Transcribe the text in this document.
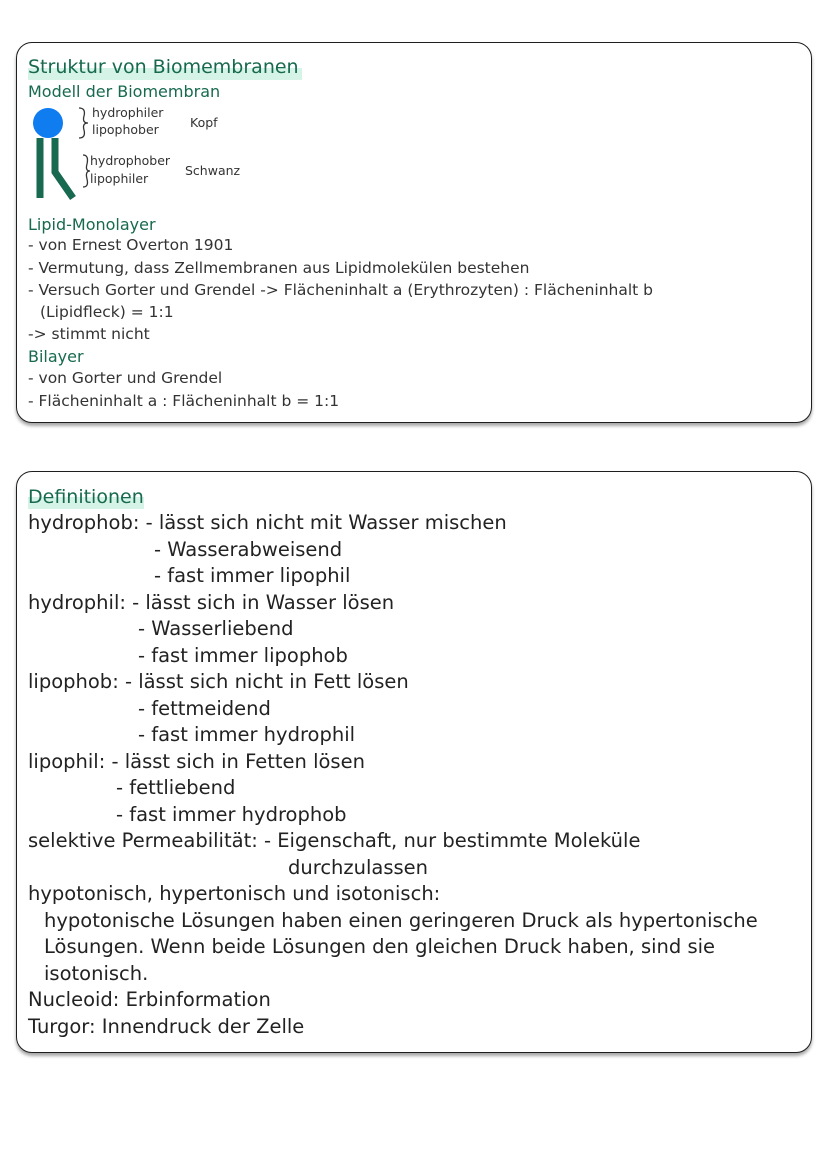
Struktur von Biomembranen
Modell der Biomembran
hydrophiler
lipophober Kopf
hydrophober
lipophiler
Schwanz
Lipid-Monolayer
- von Ernest Overton 1901
- Vermutung, dass Zellmembranen aus Lipidmolekülen bestehen
- Versuch Gorter und Grendel -> Flächeninhalt a (Erythrozyten) : Flächeninhalt b
(Lipidfleck) = 1:1
-> stimmt nicht
Bilayer
- von Gorter und Grendel
- Flächeninhalt a : Flächeninhalt b = 1:1
Definitionen
hydrophob: - lässt sich nicht mit Wasser mischen
- Wasserabweisend
- fast immer lipophil
hydrophil: - lässt sich in Wasser lösen
- Wasserliebend
- fast immer lipophob
lipophob: - lässt sich nicht in Fett lösen
- fettmeidend
- fast immer hydrophil
lipophil: - lässt sich in Fetten lösen
- fettliebend
- fast immer hydrophob
selektive Permeabilität: - Eigenschaft, nur bestimmte Moleküle
durchzulassen
hypotonisch, hypertonisch und isotonisch:
hypotonische Lösungen haben einen geringeren Druck als hypertonische
Lösungen. Wenn beide Lösungen den gleichen Druck haben, sind sie
isotonisch.
Nucleoid: Erbinformation
Turgor: Innendruck der Zelle
